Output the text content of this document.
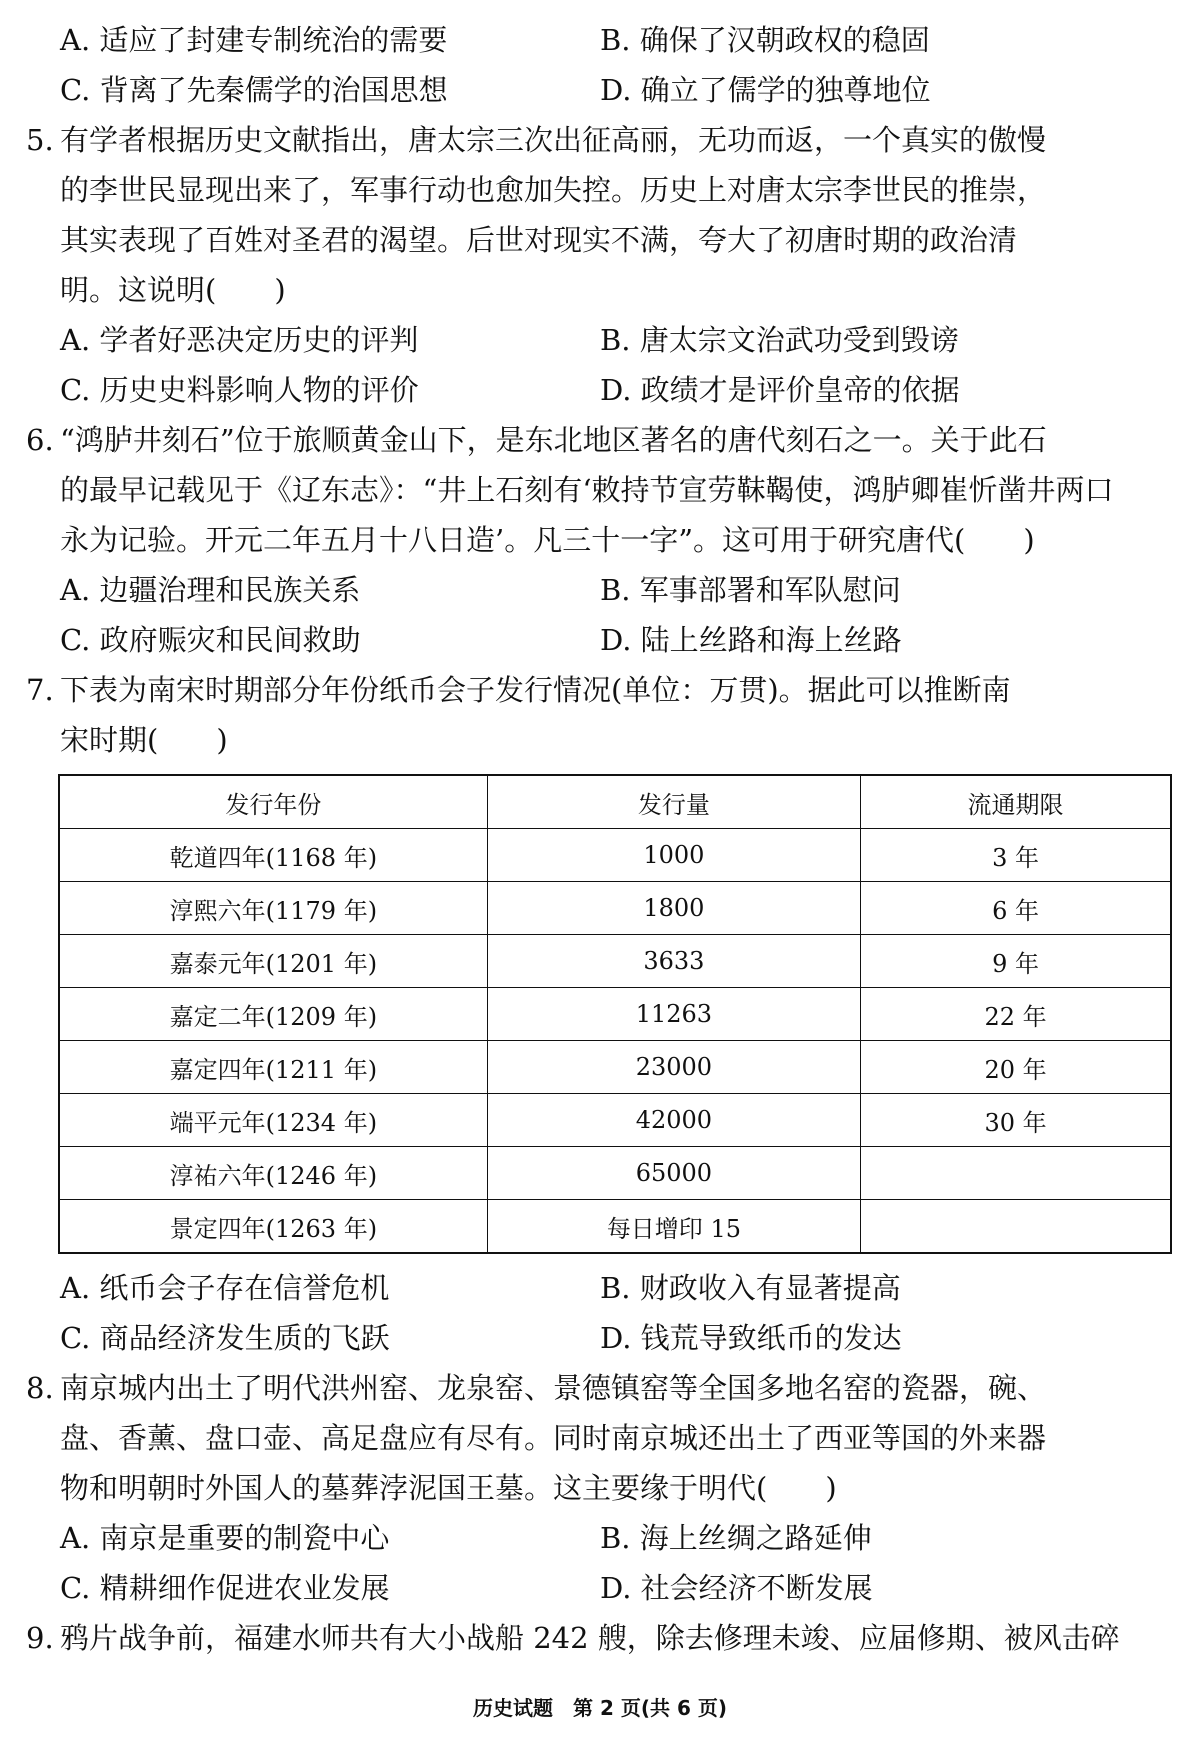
A. 适应了封建专制统治的需要	B. 确保了汉朝政权的稳固
C. 背离了先秦儒学的治国思想	D. 确立了儒学的独尊地位
5. 有学者根据历史文献指出，唐太宗三次出征高丽，无功而返，一个真实的傲慢
的李世民显现出来了，军事行动也愈加失控。历史上对唐太宗李世民的推崇，
其实表现了百姓对圣君的渴望。后世对现实不满，夸大了初唐时期的政治清
明。这说明(　　)
A. 学者好恶决定历史的评判	B. 唐太宗文治武功受到毁谤
C. 历史史料影响人物的评价	D. 政绩才是评价皇帝的依据
6. “鸿胪井刻石”位于旅顺黄金山下，是东北地区著名的唐代刻石之一。关于此石
的最早记载见于《辽东志》：“井上石刻有‘敕持节宣劳靺鞨使，鸿胪卿崔忻凿井两口
永为记验。开元二年五月十八日造’。凡三十一字”。这可用于研究唐代(　　)
A. 边疆治理和民族关系	B. 军事部署和军队慰问
C. 政府赈灾和民间救助	D. 陆上丝路和海上丝路
7. 下表为南宋时期部分年份纸币会子发行情况(单位：万贯)。据此可以推断南
宋时期(　　)
发行年份	发行量	流通期限
乾道四年(1168 年)	1000	3 年
淳熙六年(1179 年)	1800	6 年
嘉泰元年(1201 年)	3633	9 年
嘉定二年(1209 年)	11263	22 年
嘉定四年(1211 年)	23000	20 年
端平元年(1234 年)	42000	30 年
淳祐六年(1246 年)	65000	
景定四年(1263 年)	每日增印 15	
A. 纸币会子存在信誉危机	B. 财政收入有显著提高
C. 商品经济发生质的飞跃	D. 钱荒导致纸币的发达
8. 南京城内出土了明代洪州窑、龙泉窑、景德镇窑等全国多地名窑的瓷器，碗、
盘、香薰、盘口壶、高足盘应有尽有。同时南京城还出土了西亚等国的外来器
物和明朝时外国人的墓葬浡泥国王墓。这主要缘于明代(　　)
A. 南京是重要的制瓷中心	B. 海上丝绸之路延伸
C. 精耕细作促进农业发展	D. 社会经济不断发展
9. 鸦片战争前，福建水师共有大小战船 242 艘，除去修理未竣、应届修期、被风击碎
历史试题　第 2 页(共 6 页)
